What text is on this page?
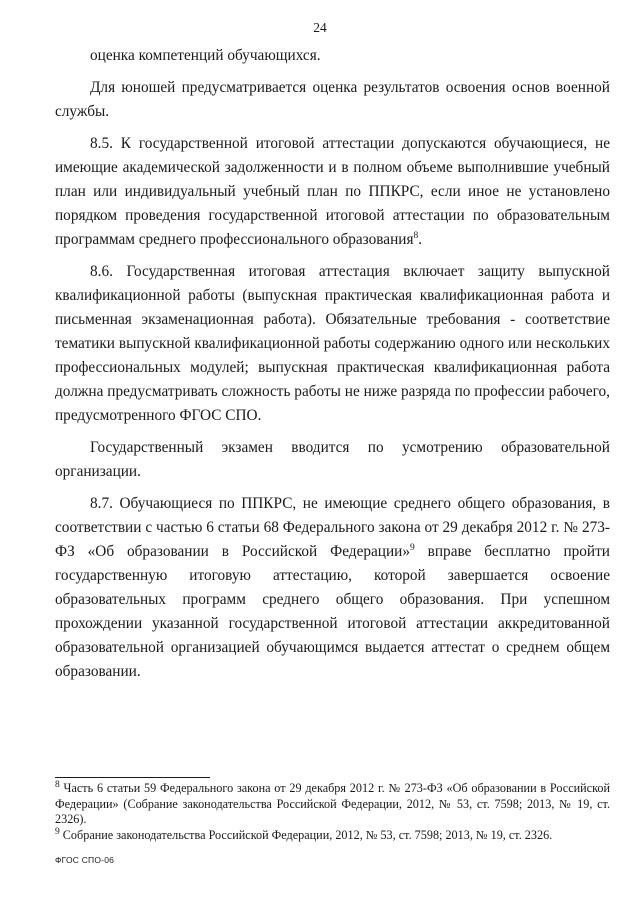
24

оценка компетенций обучающихся.

Для юношей предусматривается оценка результатов освоения основ военной службы.

8.5. К государственной итоговой аттестации допускаются обучающиеся, не имеющие академической задолженности и в полном объеме выполнившие учебный план или индивидуальный учебный план по ППКРС, если иное не установлено порядком проведения государственной итоговой аттестации по образовательным программам среднего профессионального образования$^8$.

8.6. Государственная итоговая аттестация включает защиту выпускной квалификационной работы (выпускная практическая квалификационная работа и письменная экзаменационная работа). Обязательные требования - соответствие тематики выпускной квалификационной работы содержанию одного или нескольких профессиональных модулей; выпускная практическая квалификационная работа должна предусматривать сложность работы не ниже разряда по профессии рабочего, предусмотренного ФГОС СПО.

Государственный экзамен вводится по усмотрению образовательной организации.

8.7. Обучающиеся по ППКРС, не имеющие среднего общего образования, в соответствии с частью 6 статьи 68 Федерального закона от 29 декабря 2012 г. № 273-ФЗ «Об образовании в Российской Федерации»$^9$ вправе бесплатно пройти государственную итоговую аттестацию, которой завершается освоение образовательных программ среднего общего образования. При успешном прохождении указанной государственной итоговой аттестации аккредитованной образовательной организацией обучающимся выдается аттестат о среднем общем образовании.

$^8$ Часть 6 статьи 59 Федерального закона от 29 декабря 2012 г. № 273-ФЗ «Об образовании в Российской Федерации» (Собрание законодательства Российской Федерации, 2012, № 53, ст. 7598; 2013, № 19, ст. 2326).

$^9$ Собрание законодательства Российской Федерации, 2012, № 53, ст. 7598; 2013, № 19, ст. 2326.

ФГОС СПО-06
